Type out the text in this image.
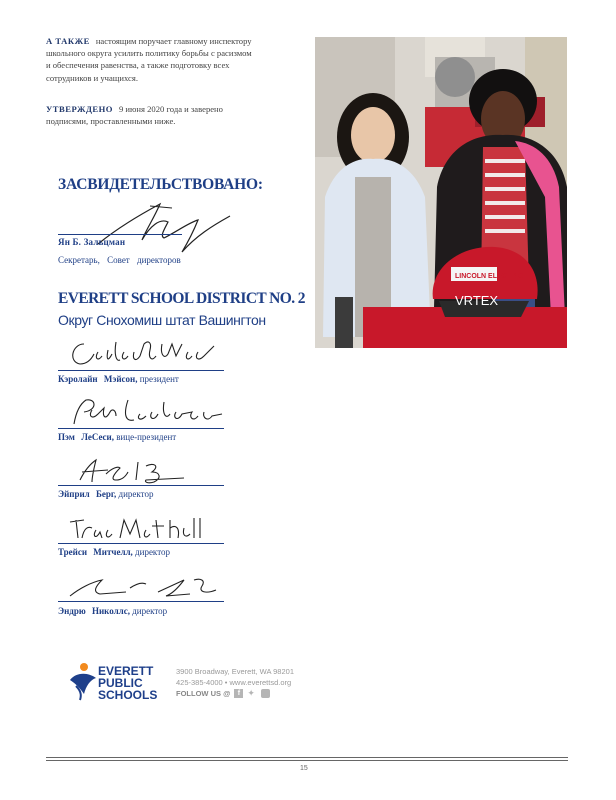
А ТАКЖЕ настоящим поручает главному инспектору школьного округа усилить политику борьбы с расизмом и обеспечения равенства, а также подготовку всех сотрудников и учащихся.
УТВЕРЖДЕНО 9 июня 2020 года и заверено подписями, проставленными ниже.
ЗАСВИДЕТЕЛЬСТВОВАНО:
Ян Б. Зальцман
Секретарь, Совет директоров
EVERETT SCHOOL DISTRICT NO. 2
Округ Снохомиш штат Вашингтон
Кэролайн Мэйсон, президент
Пэм ЛеСеси, вице-президент
Эйприл Берг, директор
Трейси Митчелл, директор
Эндрю Николлс, директор
LINCOLN ELECTRIC
VRTEX
EVERETT
PUBLIC
SCHOOLS
3900 Broadway, Everett, WA 98201
425-385-4000 • www.everettsd.org
FOLLOW US @	f ✦
15
